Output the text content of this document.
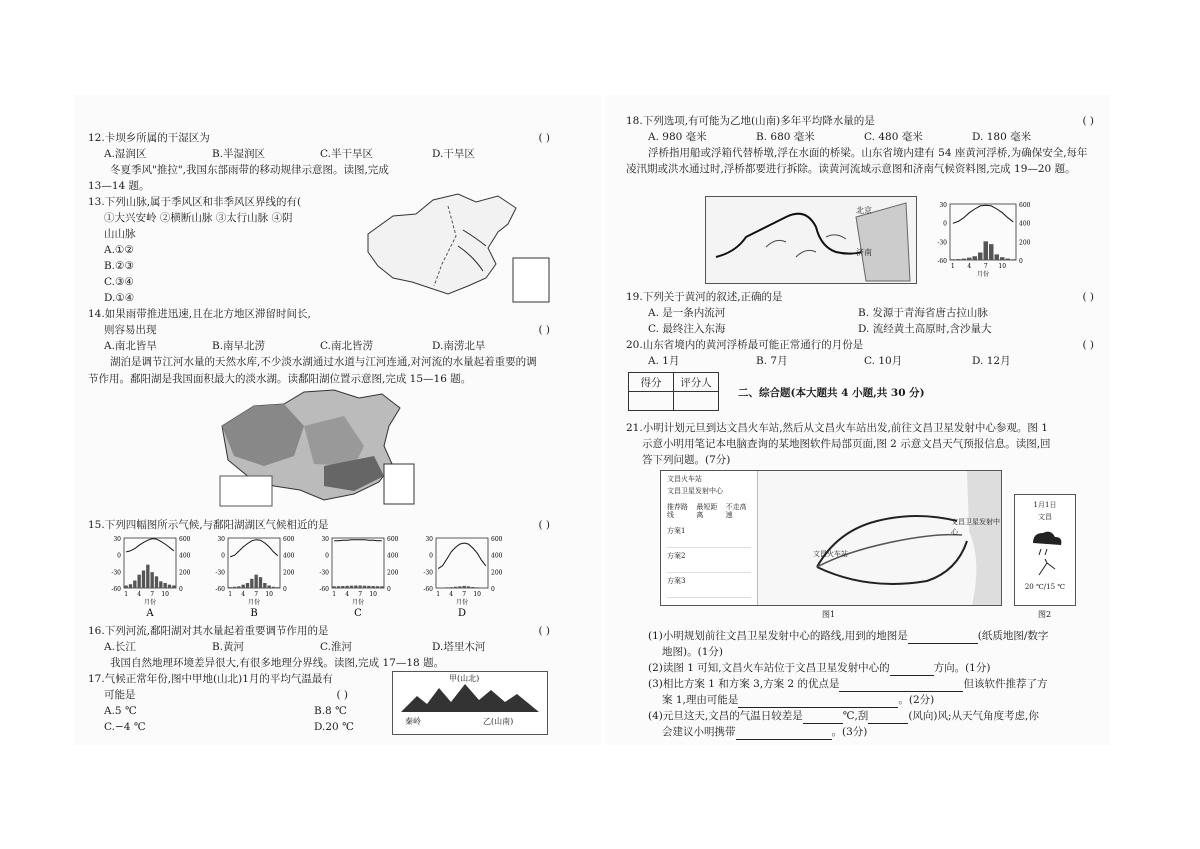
12.卡坝乡所属的干湿区为	( )
A.湿润区	B.半湿润区	C.半干旱区	D.干旱区
冬夏季风"推拉",我国东部雨带的移动规律示意图。读图,完成
13—14 题。
13.下列山脉,属于季风区和非季风区界线的有(
①大兴安岭 ②横断山脉 ③太行山脉 ④阴
山山脉
A.①②
B.②③
C.③④
D.①④
14.如果雨带推进迅速,且在北方地区滞留时间长,
则容易出现	( )
A.南北皆旱	B.南早北涝	C.南北皆涝	D.南涝北旱
湖泊是调节江河水量的天然水库,不少淡水湖通过水道与江河连通,对河流的水量起着重要的调节作用。鄱阳湖是我国面积最大的淡水湖。读鄱阳湖位置示意图,完成 15—16 题。
15.下列四幅图所示气候,与鄱阳湖湖区气候相近的是	( )
30
0
-30
-60
600
400
200
0
1 4 7 10
月份
A
30
0
-30
-60
600
400
200
0
1 4 7 10
月份
B
30
0
-30
-60
600
400
200
0
1 4 7 10
月份
C
30
0
-30
-60
600
400
200
0
1 4 7 10
月份
D
16.下列河流,鄱阳湖对其水量起着重要调节作用的是	( )
A.长江	B.黄河	C.淮河	D.塔里木河
我国自然地理环境差异很大,有很多地理分界线。读图,完成 17—18 题。
17.气候正常年份,图中甲地(山北)1月的平均气温最有
可能是	( )
A.5 ℃	B.8 ℃
C.−4 ℃	D.20 ℃
甲(山北)
秦岭	乙(山南)
18.下列选项,有可能为乙地(山南)多年平均降水量的是	( )
A. 980 毫米	B. 680 毫米	C. 480 毫米	D. 180 毫米
浮桥指用船或浮箱代替桥墩,浮在水面的桥梁。山东省境内建有 54 座黄河浮桥,为确保安全,每年凌汛期或洪水通过时,浮桥都要进行拆除。读黄河流域示意图和济南气候资料图,完成 19—20 题。
北京
济南
30
0
-30
-60
600
400
200
0
1 4 7 10
月份
19.下列关于黄河的叙述,正确的是	( )
A. 是一条内流河	B. 发源于青海省唐古拉山脉
C. 最终注入东海	D. 流经黄土高原时,含沙量大
20.山东省境内的黄河浮桥最可能正常通行的月份是	( )
A. 1月	B. 7月	C. 10月	D. 12月
得分	评分人

二、综合题(本大题共 4 小题,共 30 分)
21.小明计划元旦到达文昌火车站,然后从文昌火车站出发,前往文昌卫星发射中心参观。图 1
示意小明用笔记本电脑查询的某地图软件局部页面,图 2 示意文昌天气预报信息。读图,回
答下列问题。(7分)
文昌火车站
文昌卫星发射中心
推荐路线
最短距离
不走高速
方案1
方案2
方案3
文昌火车站
文昌卫星发射中心
图1
1月1日
文昌
20 ℃/15 ℃
图2
(1)小明规划前往文昌卫星发射中心的路线,用到的地图是	(纸质地图/数字
地图)。(1分)
(2)读图 1 可知,文昌火车站位于文昌卫星发射中心的	方向。(1分)
(3)相比方案 1 和方案 3,方案 2 的优点是	但该软件推荐了方
案 1,理由可能是	。(2分)
(4)元旦这天,文昌的气温日较差是	℃,刮	(风向)风;从天气角度考虑,你
会建议小明携带	。(3分)
